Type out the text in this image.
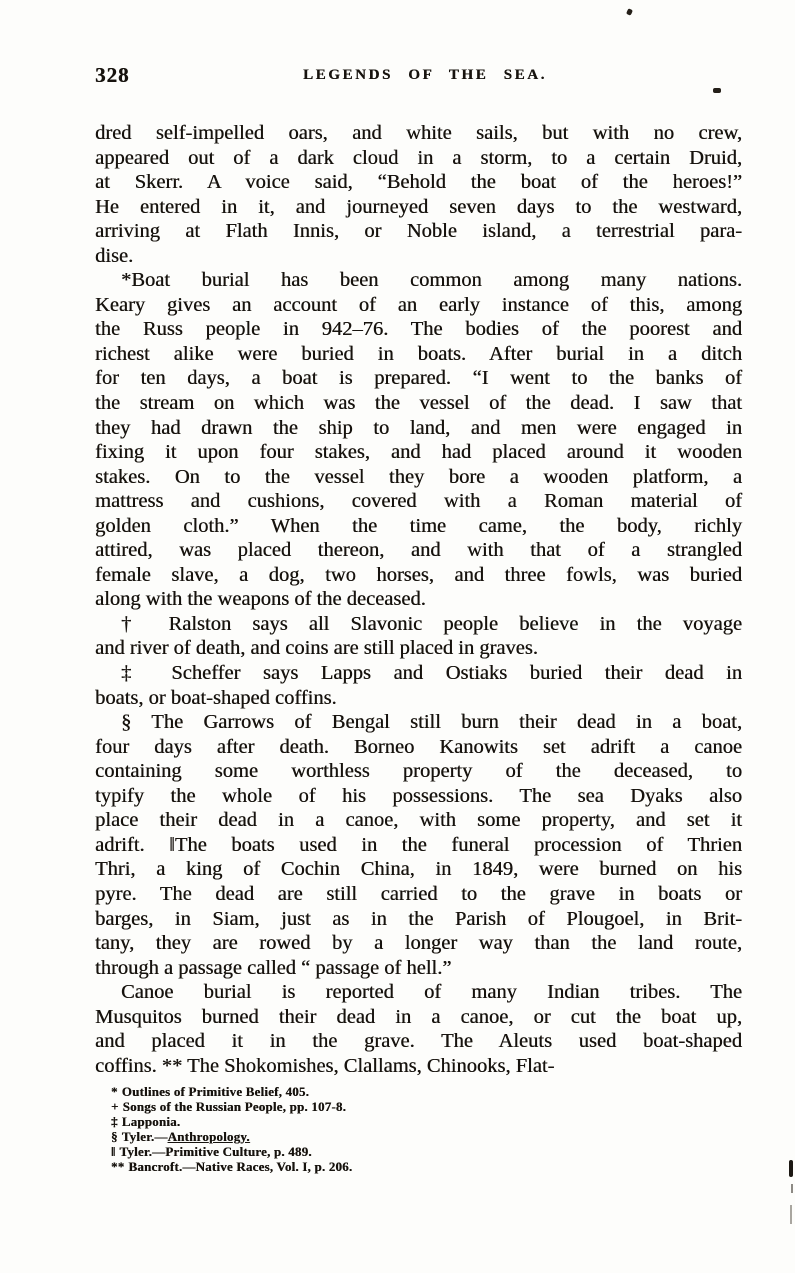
328	LEGENDS OF THE SEA.
dred self-impelled oars, and white sails, but with no crew,
appeared out of a dark cloud in a storm, to a certain Druid,
at Skerr. A voice said, “Behold the boat of the heroes!”
He entered in it, and journeyed seven days to the westward,
arriving at Flath Innis, or Noble island, a terrestrial para-
dise.
*Boat burial has been common among many nations.
Keary gives an account of an early instance of this, among
the Russ people in 942–76. The bodies of the poorest and
richest alike were buried in boats. After burial in a ditch
for ten days, a boat is prepared. “I went to the banks of
the stream on which was the vessel of the dead. I saw that
they had drawn the ship to land, and men were engaged in
fixing it upon four stakes, and had placed around it wooden
stakes. On to the vessel they bore a wooden platform, a
mattress and cushions, covered with a Roman material of
golden cloth.” When the time came, the body, richly
attired, was placed thereon, and with that of a strangled
female slave, a dog, two horses, and three fowls, was buried
along with the weapons of the deceased.
† Ralston says all Slavonic people believe in the voyage
and river of death, and coins are still placed in graves.
‡ Scheffer says Lapps and Ostiaks buried their dead in
boats, or boat-shaped coffins.
§ The Garrows of Bengal still burn their dead in a boat,
four days after death. Borneo Kanowits set adrift a canoe
containing some worthless property of the deceased, to
typify the whole of his possessions. The sea Dyaks also
place their dead in a canoe, with some property, and set it
adrift. ‖The boats used in the funeral procession of Thrien
Thri, a king of Cochin China, in 1849, were burned on his
pyre. The dead are still carried to the grave in boats or
barges, in Siam, just as in the Parish of Plougoel, in Brit-
tany, they are rowed by a longer way than the land route,
through a passage called “ passage of hell.”
Canoe burial is reported of many Indian tribes. The
Musquitos burned their dead in a canoe, or cut the boat up,
and placed it in the grave. The Aleuts used boat-shaped
coffins. ** The Shokomishes, Clallams, Chinooks, Flat-
* Outlines of Primitive Belief, 405.
+ Songs of the Russian People, pp. 107-8.
‡ Lapponia.
§ Tyler.—Anthropology.
‖ Tyler.—Primitive Culture, p. 489.
** Bancroft.—Native Races, Vol. I, p. 206.
